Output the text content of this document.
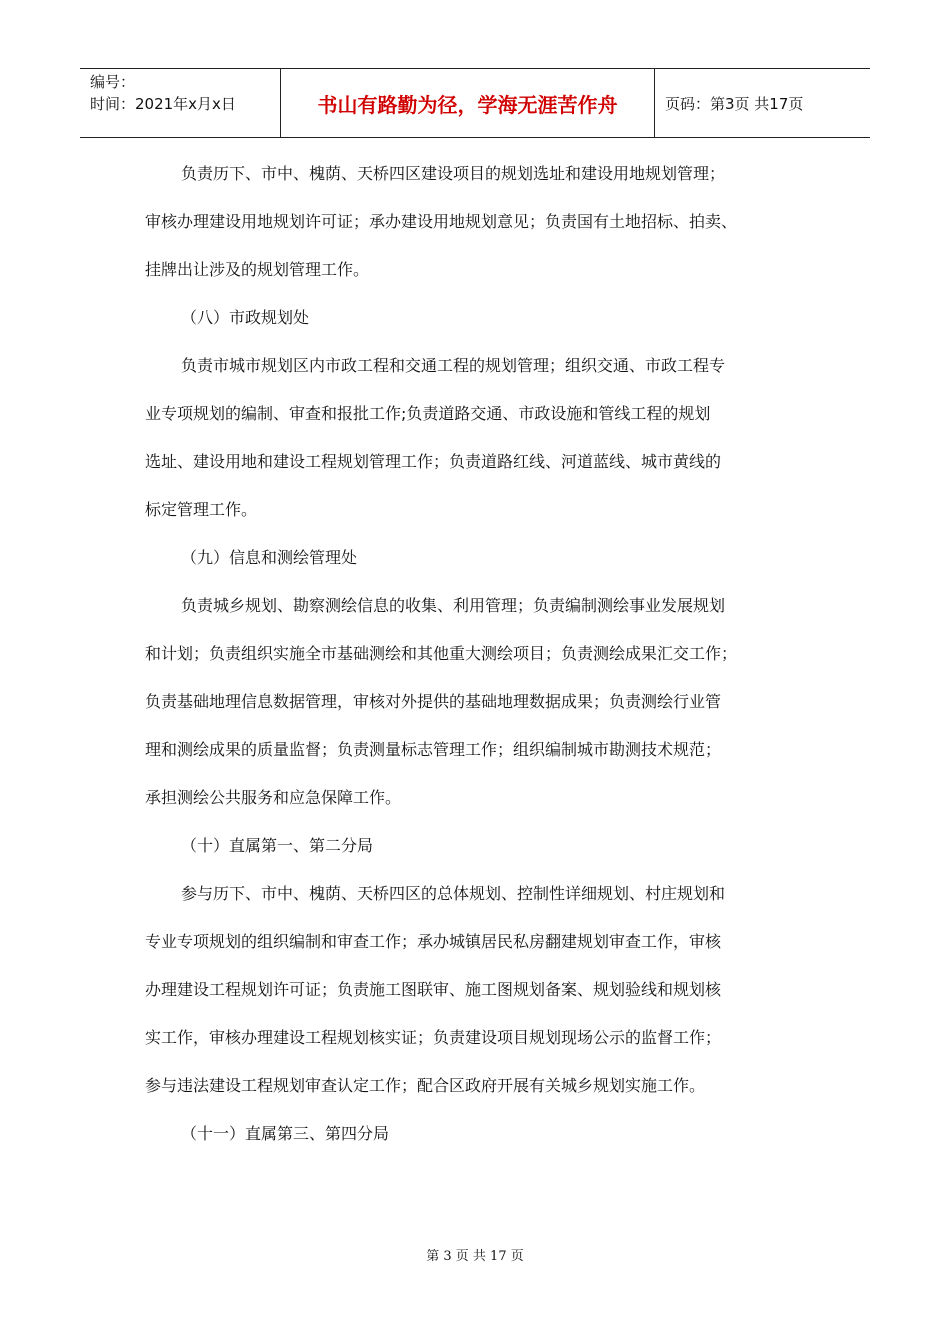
编号：
时间：2021年x月x日	书山有路勤为径，学海无涯苦作舟	页码：第3页 共17页

负责历下、市中、槐荫、天桥四区建设项目的规划选址和建设用地规划管理；

审核办理建设用地规划许可证；承办建设用地规划意见；负责国有土地招标、拍卖、

挂牌出让涉及的规划管理工作。

（八）市政规划处

负责市城市规划区内市政工程和交通工程的规划管理；组织交通、市政工程专

业专项规划的编制、审查和报批工作;负责道路交通、市政设施和管线工程的规划

选址、建设用地和建设工程规划管理工作；负责道路红线、河道蓝线、城市黄线的

标定管理工作。

（九）信息和测绘管理处

负责城乡规划、勘察测绘信息的收集、利用管理；负责编制测绘事业发展规划

和计划；负责组织实施全市基础测绘和其他重大测绘项目；负责测绘成果汇交工作；

负责基础地理信息数据管理，审核对外提供的基础地理数据成果；负责测绘行业管

理和测绘成果的质量监督；负责测量标志管理工作；组织编制城市勘测技术规范；

承担测绘公共服务和应急保障工作。

（十）直属第一、第二分局

参与历下、市中、槐荫、天桥四区的总体规划、控制性详细规划、村庄规划和

专业专项规划的组织编制和审查工作；承办城镇居民私房翻建规划审查工作，审核

办理建设工程规划许可证；负责施工图联审、施工图规划备案、规划验线和规划核

实工作，审核办理建设工程规划核实证；负责建设项目规划现场公示的监督工作；

参与违法建设工程规划审查认定工作；配合区政府开展有关城乡规划实施工作。

（十一）直属第三、第四分局

第 3 页 共 17 页
